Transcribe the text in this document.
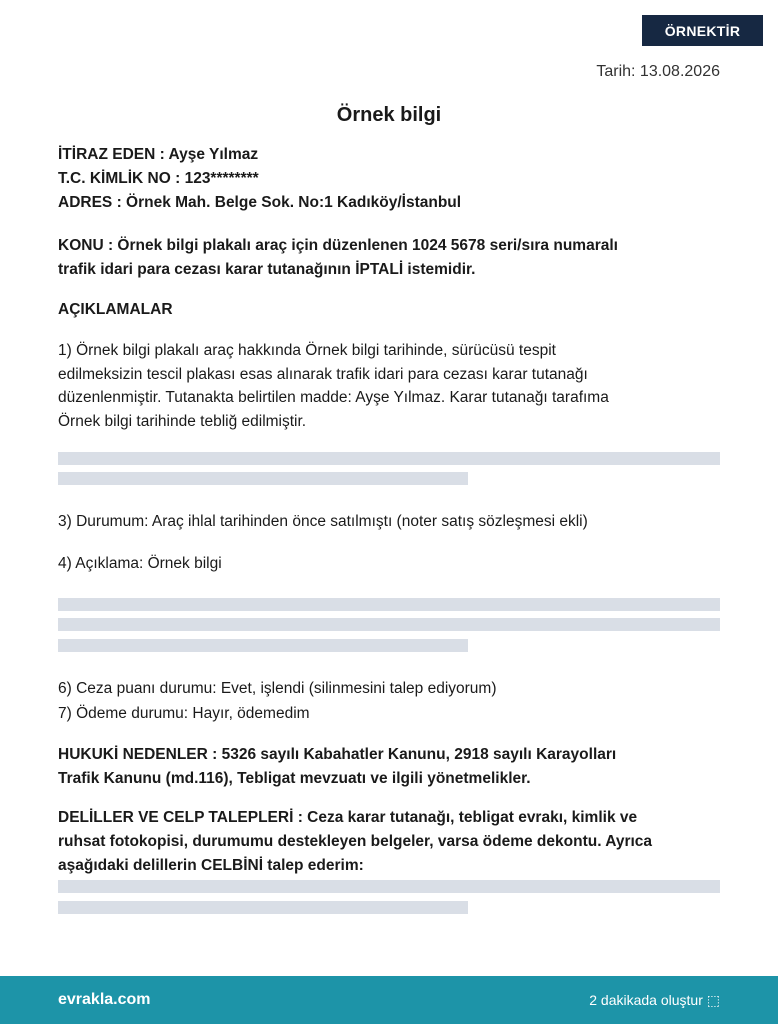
ÖRNEKTİR
Tarih: 13.08.2026
Örnek bilgi
İTİRAZ EDEN : Ayşe Yılmaz
T.C. KİMLİK NO : 123********
ADRES : Örnek Mah. Belge Sok. No:1 Kadıköy/İstanbul
KONU : Örnek bilgi plakalı araç için düzenlenen 1024 5678 seri/sıra numaralı
trafik idari para cezası karar tutanağının İPTALİ istemidir.
AÇIKLAMALAR
1) Örnek bilgi plakalı araç hakkında Örnek bilgi tarihinde, sürücüsü tespit
edilmeksizin tescil plakası esas alınarak trafik idari para cezası karar tutanağı
düzenlenmiştir. Tutanakta belirtilen madde: Ayşe Yılmaz. Karar tutanağı tarafıma
Örnek bilgi tarihinde tebliğ edilmiştir.
3) Durumum: Araç ihlal tarihinden önce satılmıştı (noter satış sözleşmesi ekli)
4) Açıklama: Örnek bilgi
6) Ceza puanı durumu: Evet, işlendi (silinmesini talep ediyorum)
7) Ödeme durumu: Hayır, ödemedim
HUKUKİ NEDENLER : 5326 sayılı Kabahatler Kanunu, 2918 sayılı Karayolları
Trafik Kanunu (md.116), Tebligat mevzuatı ve ilgili yönetmelikler.
DELİLLER VE CELP TALEPLERİ : Ceza karar tutanağı, tebligat evrakı, kimlik ve
ruhsat fotokopisi, durumumu destekleyen belgeler, varsa ödeme dekontu. Ayrıca
aşağıdaki delillerin CELBİNİ talep ederim:
evrakla.com	2 dakikada oluştur ⬚
